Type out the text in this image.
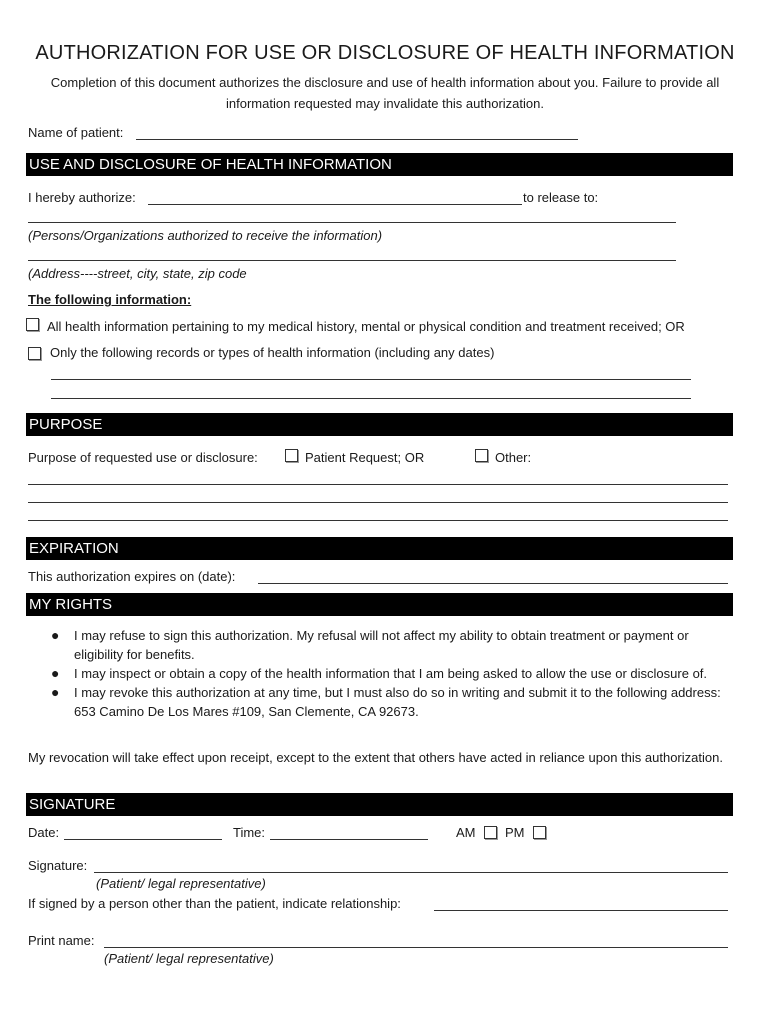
AUTHORIZATION FOR USE OR DISCLOSURE OF HEALTH INFORMATION
Completion of this document authorizes the disclosure and use of health information about you. Failure to provide all information requested may invalidate this authorization.
Name of patient:
USE AND DISCLOSURE OF HEALTH INFORMATION
I hereby authorize:	to release to:
(Persons/Organizations authorized to receive the information)
(Address----street, city, state, zip code
The following information:
All health information pertaining to my medical history, mental or physical condition and treatment received; OR
Only the following records or types of health information (including any dates)
PURPOSE
Purpose of requested use or disclosure:	Patient Request; OR	Other:
EXPIRATION
This authorization expires on (date):
MY RIGHTS
● I may refuse to sign this authorization. My refusal will not affect my ability to obtain treatment or payment or eligibility for benefits.
● I may inspect or obtain a copy of the health information that I am being asked to allow the use or disclosure of.
● I may revoke this authorization at any time, but I must also do so in writing and submit it to the following address: 653 Camino De Los Mares #109, San Clemente, CA 92673.
My revocation will take effect upon receipt, except to the extent that others have acted in reliance upon this authorization.
SIGNATURE
Date:	Time:	AM PM
Signature:
(Patient/ legal representative)
If signed by a person other than the patient, indicate relationship:
Print name:
(Patient/ legal representative)
